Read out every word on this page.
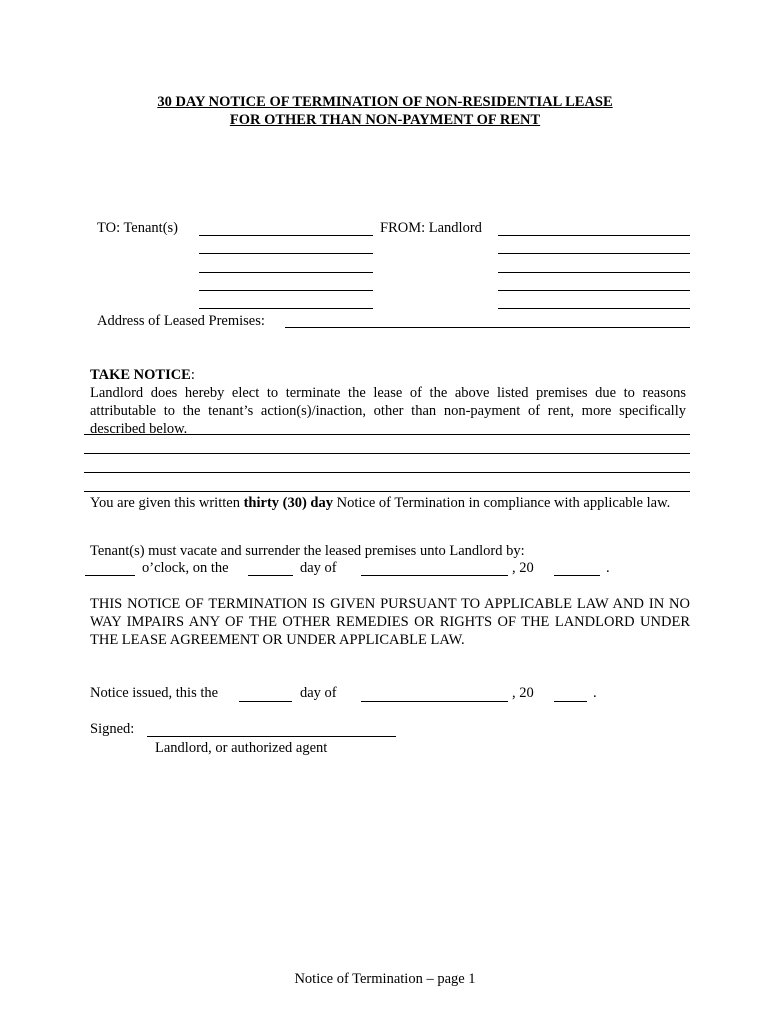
30 DAY NOTICE OF TERMINATION OF NON-RESIDENTIAL LEASE
FOR OTHER THAN NON-PAYMENT OF RENT
TO: Tenant(s)	FROM: Landlord
Address of Leased Premises:
TAKE NOTICE:
Landlord does hereby elect to terminate the lease of the above listed premises due to reasons attributable to the tenant’s action(s)/inaction, other than non-payment of rent, more specifically described below.
You are given this written thirty (30) day Notice of Termination in compliance with applicable law.
Tenant(s) must vacate and surrender the leased premises unto Landlord by:
o’clock, on the	day of	, 20	.
THIS NOTICE OF TERMINATION IS GIVEN PURSUANT TO APPLICABLE LAW AND IN NO WAY IMPAIRS ANY OF THE OTHER REMEDIES OR RIGHTS OF THE LANDLORD UNDER THE LEASE AGREEMENT OR UNDER APPLICABLE LAW.
Notice issued, this the	day of	, 20	.
Signed:
Landlord, or authorized agent
Notice of Termination – page 1
